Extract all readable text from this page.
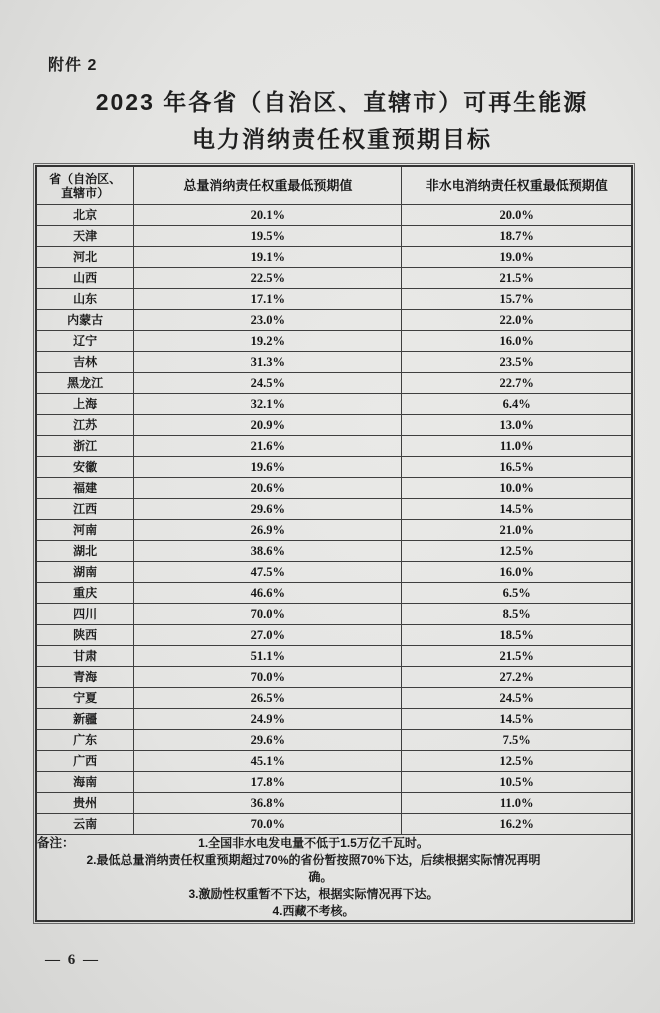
附件 2
2023 年各省（自治区、直辖市）可再生能源
电力消纳责任权重预期目标
省（自治区、
直辖市）	总量消纳责任权重最低预期值	非水电消纳责任权重最低预期值
北京	20.1%	20.0%
天津	19.5%	18.7%
河北	19.1%	19.0%
山西	22.5%	21.5%
山东	17.1%	15.7%
内蒙古	23.0%	22.0%
辽宁	19.2%	16.0%
吉林	31.3%	23.5%
黑龙江	24.5%	22.7%
上海	32.1%	6.4%
江苏	20.9%	13.0%
浙江	21.6%	11.0%
安徽	19.6%	16.5%
福建	20.6%	10.0%
江西	29.6%	14.5%
河南	26.9%	21.0%
湖北	38.6%	12.5%
湖南	47.5%	16.0%
重庆	46.6%	6.5%
四川	70.0%	8.5%
陕西	27.0%	18.5%
甘肃	51.1%	21.5%
青海	70.0%	27.2%
宁夏	26.5%	24.5%
新疆	24.9%	14.5%
广东	29.6%	7.5%
广西	45.1%	12.5%
海南	17.8%	10.5%
贵州	36.8%	11.0%
云南	70.0%	16.2%

备注： 1.全国非水电发电量不低于1.5万亿千瓦时。
2.最低总量消纳责任权重预期超过70%的省份暂按照70%下达，后续根据实际情况再明确。
3.激励性权重暂不下达，根据实际情况再下达。
4.西藏不考核。		
— 6 —
